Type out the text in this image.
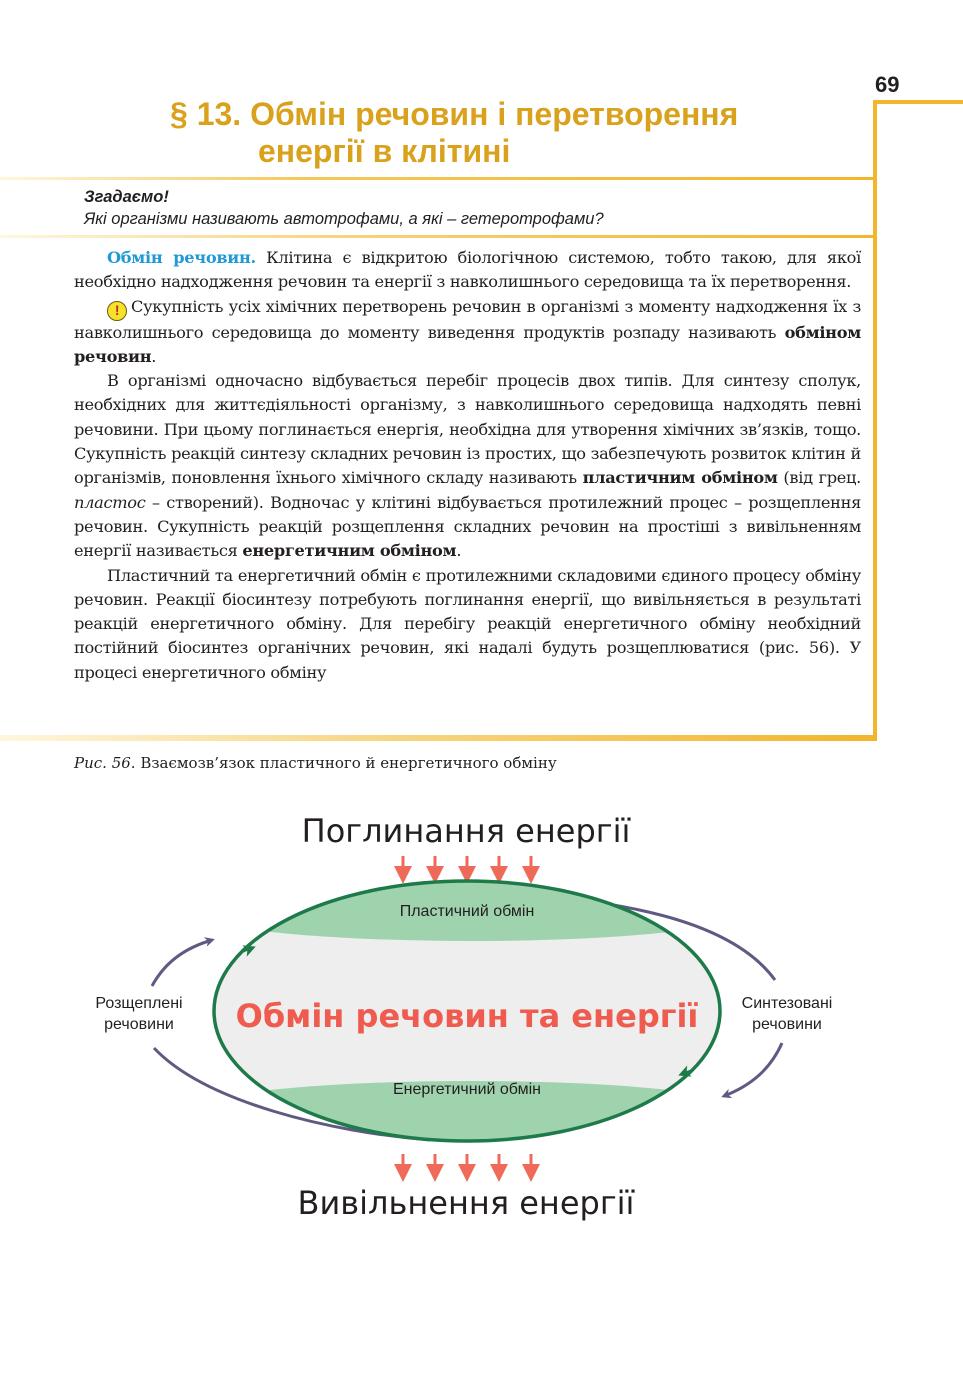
69
§ 13. Обмін речовин і перетворення
енергії в клітині
Згадаємо!
Які організми називають автотрофами, а які – гетеротрофами?

Обмін речовин. Клітина є відкритою біологічною системою, тобто такою, для якої необхідно надходження речовин та енергії з навколишнього середовища та їх перетворення.

! Сукупність усіх хімічних перетворень речовин в організмі з моменту надходження їх з навколишнього середовища до моменту виведення продуктів розпаду називають обміном речовин.

В організмі одночасно відбувається перебіг процесів двох типів. Для синтезу сполук, необхідних для життєдіяльності організму, з навколишнього середовища надходять певні речовини. При цьому поглинається енергія, необхідна для утворення хімічних зв’язків, тощо. Сукупність реакцій синтезу складних речовин із простих, що забезпечують розвиток клітин й організмів, поновлення їхнього хімічного складу називають пластичним обміном (від грец. пластос – створений). Водночас у клітині відбувається протилежний процес – розщеплення речовин. Сукупність реакцій розщеплення складних речовин на простіші з вивільненням енергії називається енергетичним обміном.

Пластичний та енергетичний обмін є протилежними складовими єдиного процесу обміну речовин. Реакції біосинтезу потребують поглинання енергії, що вивільняється в результаті реакцій енергетичного обміну. Для перебігу реакцій енергетичного обміну необхідний постійний біосинтез органічних речовин, які надалі будуть розщеплюватися (рис. 56). У процесі енергетичного обміну

Рис. 56. Взаємозв’язок пластичного й енергетичного обміну
Поглинання енергії
Пластичний обмін
Енергетичний обмін
Обмін речовин та енергії
Розщеплені
речовини
Синтезовані
речовини
Вивільнення енергії
